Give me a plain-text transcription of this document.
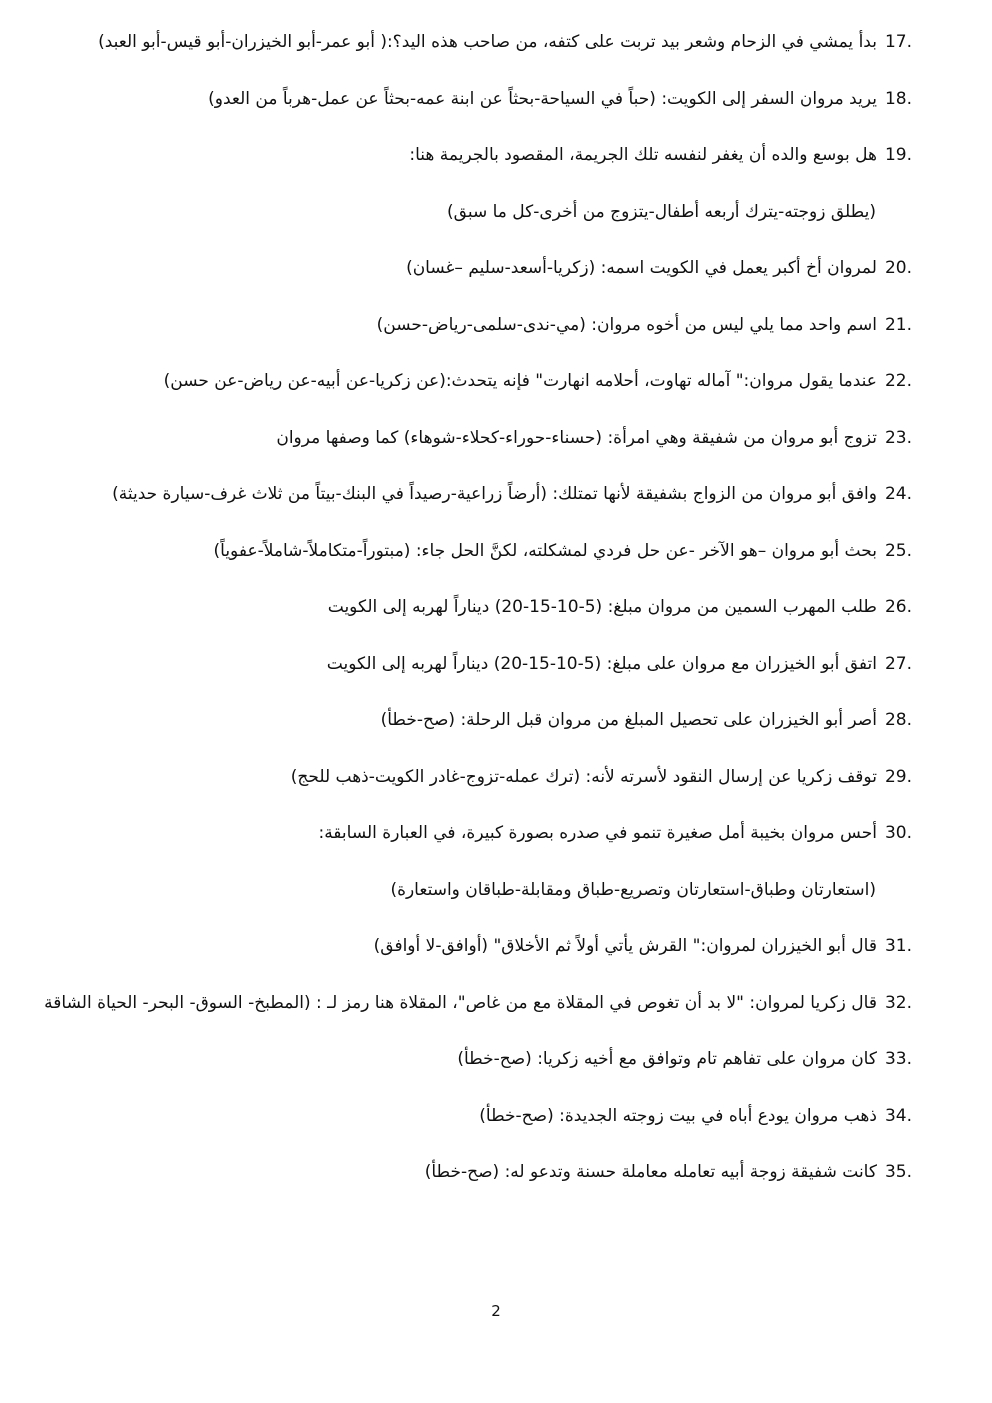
17.بدأ يمشي في الزحام وشعر بيد تربت على كتفه، من صاحب هذه اليد؟:( أبو عمر-أبو الخيزران-أبو قيس-أبو العبد)
18.يريد مروان السفر إلى الكويت: (حباً في السياحة-بحثاً عن ابنة عمه-بحثاً عن عمل-هرباً من العدو)
19.هل بوسع والده أن يغفر لنفسه تلك الجريمة، المقصود بالجريمة هنا:
(يطلق زوجته-يترك أربعه أطفال-يتزوج من أخرى-كل ما سبق)
20.لمروان أخ أكبر يعمل في الكويت اسمه: (زكريا-أسعد-سليم –غسان)
21.اسم واحد مما يلي ليس من أخوه مروان: (مي-ندى-سلمى-رياض-حسن)
22.عندما يقول مروان:" آماله تهاوت، أحلامه انهارت" فإنه يتحدث:(عن زكريا-عن أبيه-عن رياض-عن حسن)
23.تزوج أبو مروان من شفيقة وهي امرأة: (حسناء-حوراء-كحلاء-شوهاء) كما وصفها مروان
24.وافق أبو مروان من الزواج بشفيقة لأنها تمتلك: (أرضاً زراعية-رصيداً في البنك-بيتاً من ثلاث غرف-سيارة حديثة)
25.بحث أبو مروان –هو الآخر -عن حل فردي لمشكلته، لكنَّ الحل جاء: (مبتوراً-متكاملاً-شاملاً-عفوياً)
26.طلب المهرب السمين من مروان مبلغ: (5-10-15-20) ديناراً لهربه إلى الكويت
27.اتفق أبو الخيزران مع مروان على مبلغ: (5-10-15-20) ديناراً لهربه إلى الكويت
28.أصر أبو الخيزران على تحصيل المبلغ من مروان قبل الرحلة: (صح-خطأ)
29.توقف زكريا عن إرسال النقود لأسرته لأنه: (ترك عمله-تزوج-غادر الكويت-ذهب للحج)
30.أحس مروان بخيبة أمل صغيرة تنمو في صدره بصورة كبيرة، في العبارة السابقة:
(استعارتان وطباق-استعارتان وتصريع-طباق ومقابلة-طباقان واستعارة)
31.قال أبو الخيزران لمروان:" القرش يأتي أولاً ثم الأخلاق" (أوافق-لا أوافق)
32.قال زكريا لمروان: "لا بد أن تغوص في المقلاة مع من غاص"، المقلاة هنا رمز لـ : (المطبخ- السوق- البحر- الحياة الشاقة
33.كان مروان على تفاهم تام وتوافق مع أخيه زكريا: (صح-خطأ)
34.ذهب مروان يودع أباه في بيت زوجته الجديدة: (صح-خطأ)
35.كانت شفيقة زوجة أبيه تعامله معاملة حسنة وتدعو له: (صح-خطأ)
2
